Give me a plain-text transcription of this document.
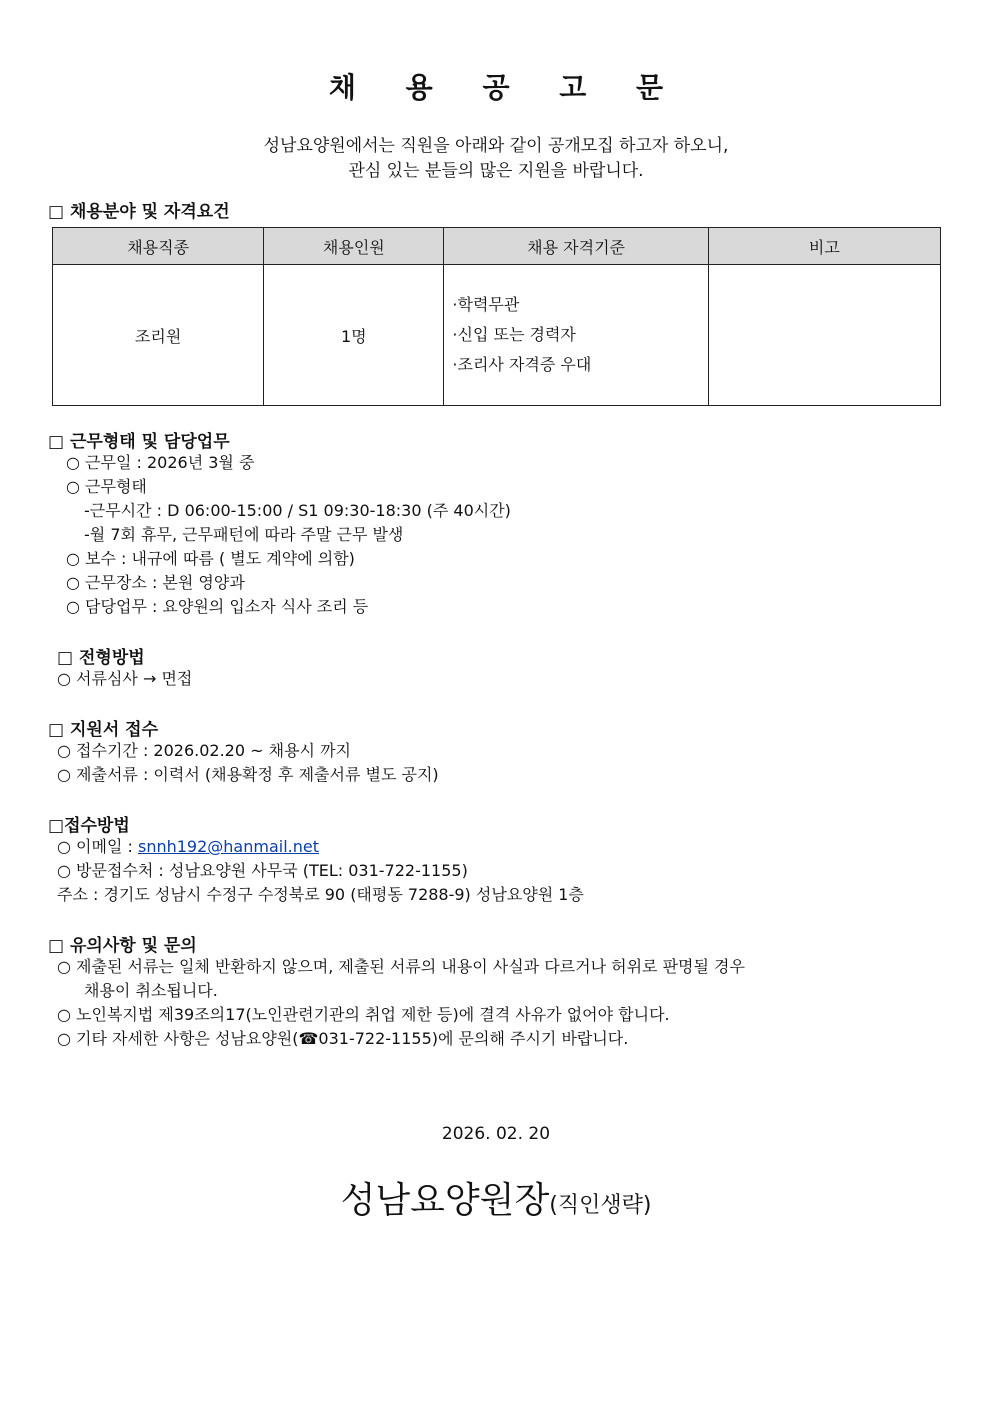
채 용 공 고 문
성남요양원에서는 직원을 아래와 같이 공개모집 하고자 하오니,
관심 있는 분들의 많은 지원을 바랍니다.
□ 채용분야 및 자격요건
채용직종	채용인원	채용 자격기준	비고
조리원	1명	·학력무관
·신입 또는 경력자
·조리사 자격증 우대	

□ 근무형태 및 담당업무
○ 근무일 : 2026년 3월 중
○ 근무형태
-근무시간 : D 06:00-15:00 / S1 09:30-18:30 (주 40시간)
-월 7회 휴무, 근무패턴에 따라 주말 근무 발생
○ 보수 : 내규에 따름 ( 별도 계약에 의함)
○ 근무장소 : 본원 영양과
○ 담당업무 : 요양원의 입소자 식사 조리 등
□ 전형방법
○ 서류심사 → 면접
□ 지원서 접수
○ 접수기간 : 2026.02.20 ~ 채용시 까지
○ 제출서류 : 이력서 (채용확정 후 제출서류 별도 공지)
□접수방법
○ 이메일 : snnh192@hanmail.net
○ 방문접수처 : 성남요양원 사무국 (TEL: 031-722-1155)
주소 : 경기도 성남시 수정구 수정북로 90 (태평동 7288-9) 성남요양원 1층
□ 유의사항 및 문의
○ 제출된 서류는 일체 반환하지 않으며, 제출된 서류의 내용이 사실과 다르거나 허위로 판명될 경우
채용이 취소됩니다.
○ 노인복지법 제39조의17(노인관련기관의 취업 제한 등)에 결격 사유가 없어야 합니다.
○ 기타 자세한 사항은 성남요양원(☎031-722-1155)에 문의해 주시기 바랍니다.
2026. 02. 20
성남요양원장(직인생략)
